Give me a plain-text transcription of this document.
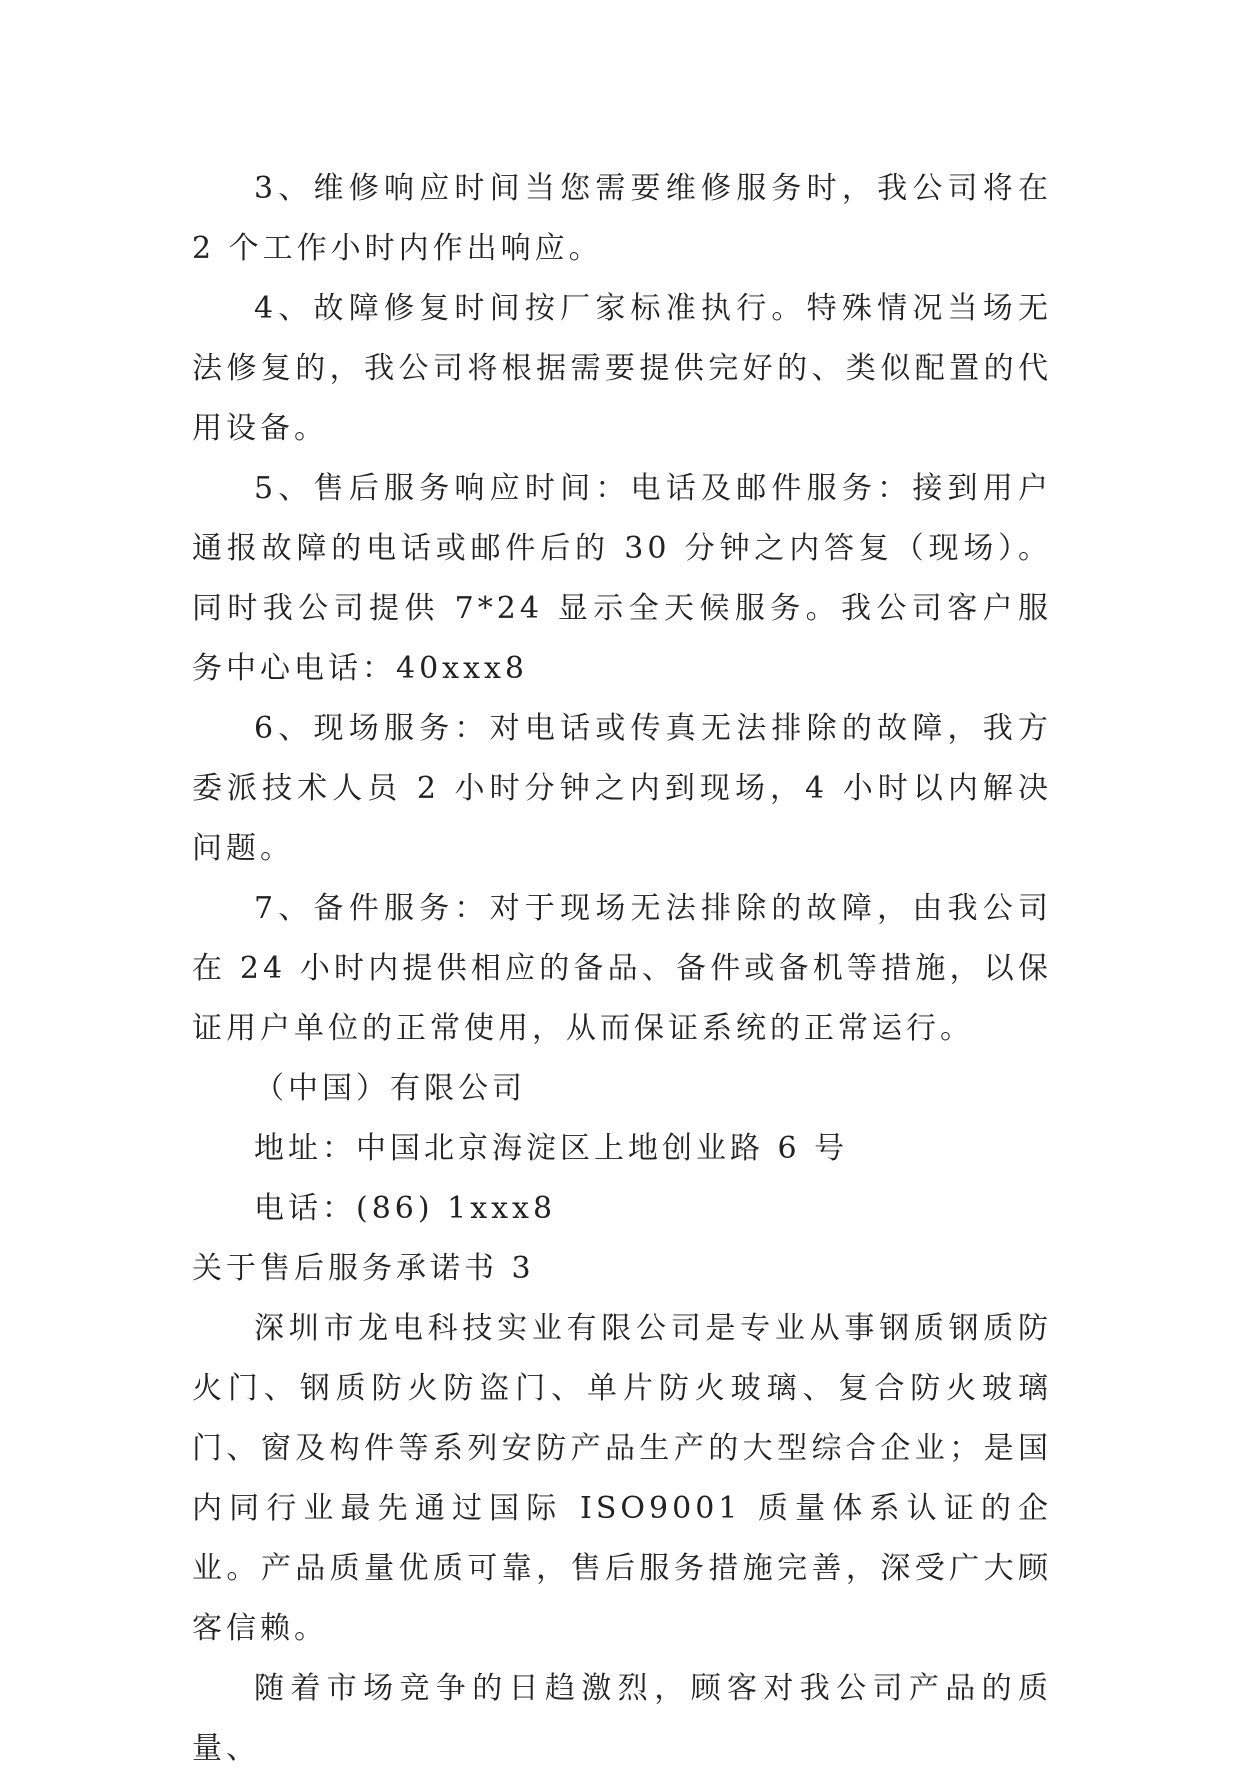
3、维修响应时间当您需要维修服务时，我公司将在 2 个工作小时内作出响应。

4、故障修复时间按厂家标准执行。特殊情况当场无法修复的，我公司将根据需要提供完好的、类似配置的代用设备。

5、售后服务响应时间：电话及邮件服务：接到用户通报故障的电话或邮件后的 30 分钟之内答复（现场）。同时我公司提供 7*24 显示全天候服务。我公司客户服务中心电话：40xxx8

6、现场服务：对电话或传真无法排除的故障，我方委派技术人员 2 小时分钟之内到现场，4 小时以内解决问题。

7、备件服务：对于现场无法排除的故障，由我公司在 24 小时内提供相应的备品、备件或备机等措施，以保证用户单位的正常使用，从而保证系统的正常运行。

（中国）有限公司

地址：中国北京海淀区上地创业路 6 号

电话：(86) 1xxx8

关于售后服务承诺书 3

深圳市龙电科技实业有限公司是专业从事钢质钢质防火门、钢质防火防盗门、单片防火玻璃、复合防火玻璃门、窗及构件等系列安防产品生产的大型综合企业；是国内同行业最先通过国际 ISO9001 质量体系认证的企业。产品质量优质可靠，售后服务措施完善，深受广大顾客信赖。

随着市场竞争的日趋激烈，顾客对我公司产品的质量、
